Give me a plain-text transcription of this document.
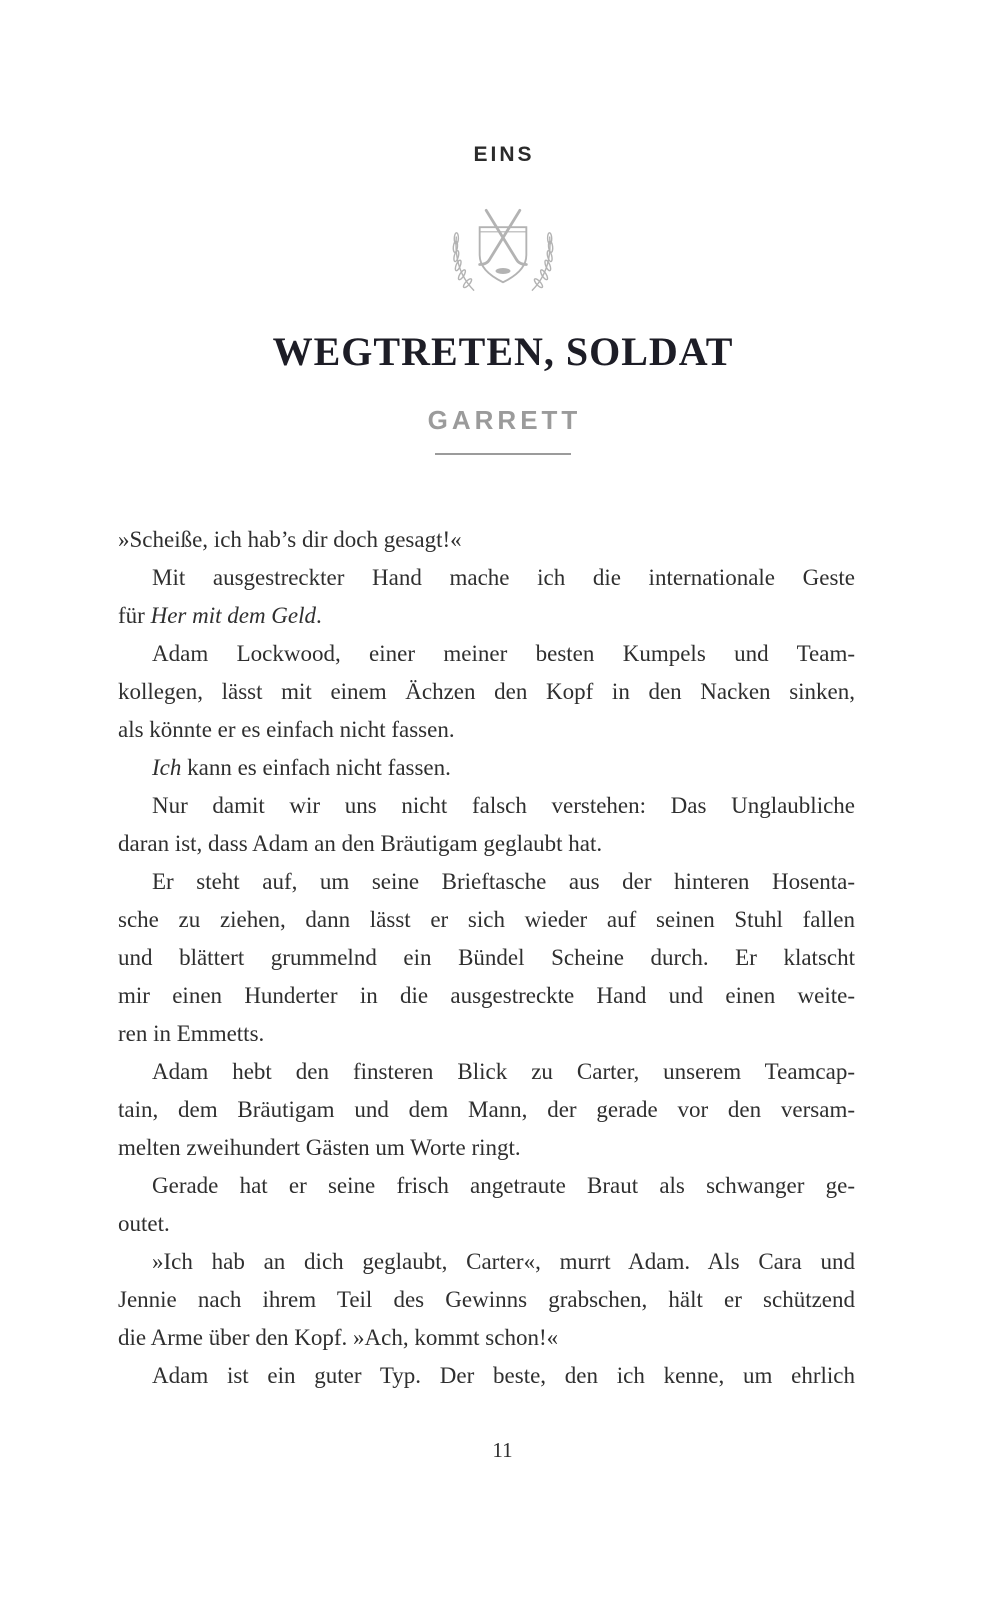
EINS
WEGTRETEN, SOLDAT
GARRETT
»Scheiße, ich hab’s dir doch gesagt!«
Mit ausgestreckter Hand mache ich die internationale Geste
für Her mit dem Geld.
Adam Lockwood, einer meiner besten Kumpels und Team-
kollegen, lässt mit einem Ächzen den Kopf in den Nacken sinken,
als könnte er es einfach nicht fassen.
Ich kann es einfach nicht fassen.
Nur damit wir uns nicht falsch verstehen: Das Unglaubliche
daran ist, dass Adam an den Bräutigam geglaubt hat.
Er steht auf, um seine Brieftasche aus der hinteren Hosenta-
sche zu ziehen, dann lässt er sich wieder auf seinen Stuhl fallen
und blättert grummelnd ein Bündel Scheine durch. Er klatscht
mir einen Hunderter in die ausgestreckte Hand und einen weite-
ren in Emmetts.
Adam hebt den finsteren Blick zu Carter, unserem Teamcap-
tain, dem Bräutigam und dem Mann, der gerade vor den versam-
melten zweihundert Gästen um Worte ringt.
Gerade hat er seine frisch angetraute Braut als schwanger ge-
outet.
»Ich hab an dich geglaubt, Carter«, murrt Adam. Als Cara und
Jennie nach ihrem Teil des Gewinns grabschen, hält er schützend
die Arme über den Kopf. »Ach, kommt schon!«
Adam ist ein guter Typ. Der beste, den ich kenne, um ehrlich
11
